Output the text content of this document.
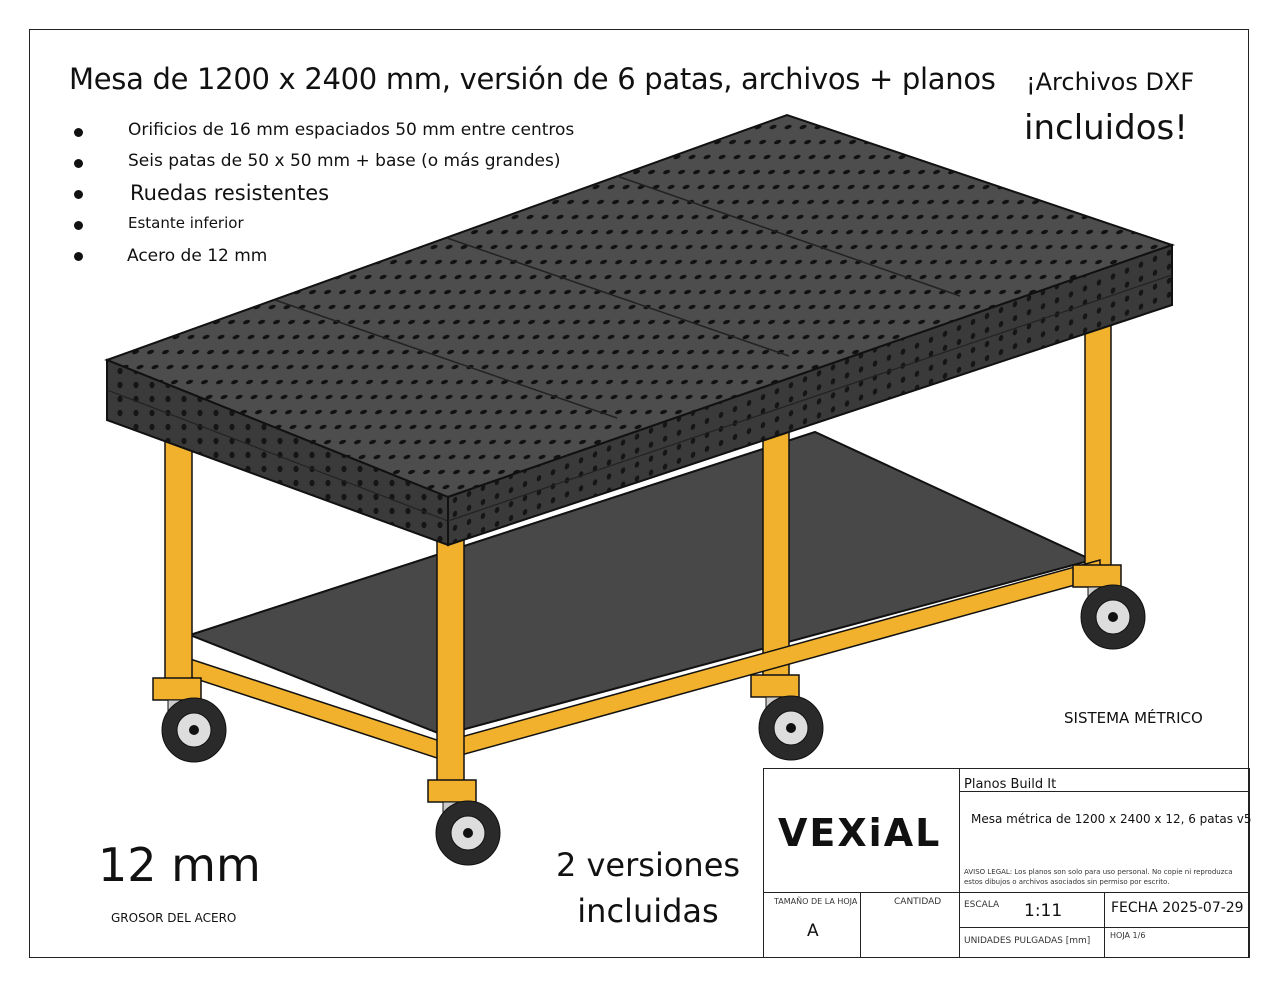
Mesa de 1200 x 2400 mm, versión de 6 patas, archivos + planos ¡Archivos DXF
incluidos!
Orificios de 16 mm espaciados 50 mm entre centros
Seis patas de 50 x 50 mm + base (o más grandes)
Ruedas resistentes
Estante inferior
Acero de 12 mm
SISTEMA MÉTRICO
12 mm
GROSOR DEL ACERO
2 versiones
incluidas
VEXiAL
Planos Build It
Mesa métrica de 1200 x 2400 x 12, 6 patas v5
AVISO LEGAL: Los planos son solo para uso personal. No copie ni reproduzca estos dibujos o archivos asociados sin permiso por escrito.
TAMAÑO DE LA HOJA
A
CANTIDAD	ESCALA 1:11	FECHA 2025-07-29
UNIDADES PULGADAS [mm]
HOJA 1/6
